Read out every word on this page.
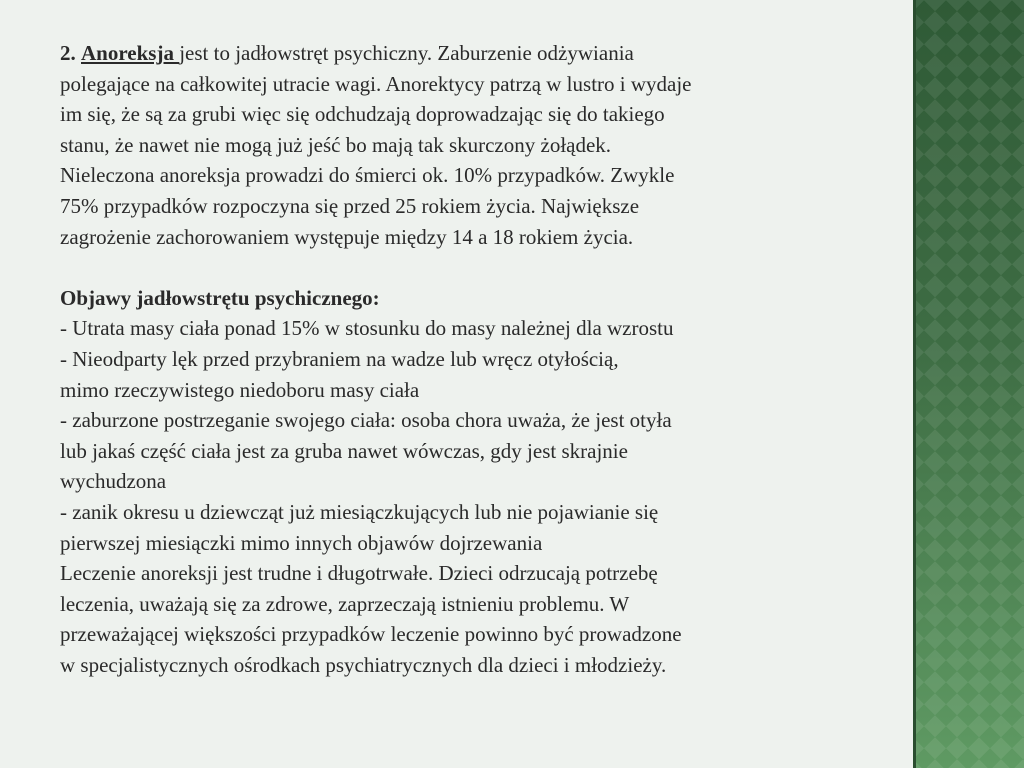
2. Anoreksja jest to jadłowstręt psychiczny. Zaburzenie odżywiania

polegające na całkowitej utracie wagi. Anorektycy patrzą w lustro i wydaje

im się, że są za grubi więc się odchudzają doprowadzając się do takiego

stanu, że nawet nie mogą już jeść bo mają tak skurczony żołądek.

Nieleczona anoreksja prowadzi do śmierci ok. 10% przypadków. Zwykle

75% przypadków rozpoczyna się przed 25 rokiem życia. Największe

zagrożenie zachorowaniem występuje między 14 a 18 rokiem życia.

Objawy jadłowstrętu psychicznego:

- Utrata masy ciała ponad 15% w stosunku do masy należnej dla wzrostu

- Nieodparty lęk przed przybraniem na wadze lub wręcz otyłością,

mimo rzeczywistego niedoboru masy ciała

- zaburzone postrzeganie swojego ciała: osoba chora uważa, że jest otyła

lub jakaś część ciała jest za gruba nawet wówczas, gdy jest skrajnie

wychudzona

- zanik okresu u dziewcząt już miesiączkujących lub nie pojawianie się

pierwszej miesiączki mimo innych objawów dojrzewania

Leczenie anoreksji jest trudne i długotrwałe. Dzieci odrzucają potrzebę

leczenia, uważają się za zdrowe, zaprzeczają istnieniu problemu. W

przeważającej większości przypadków leczenie powinno być prowadzone

w specjalistycznych ośrodkach psychiatrycznych dla dzieci i młodzieży.
